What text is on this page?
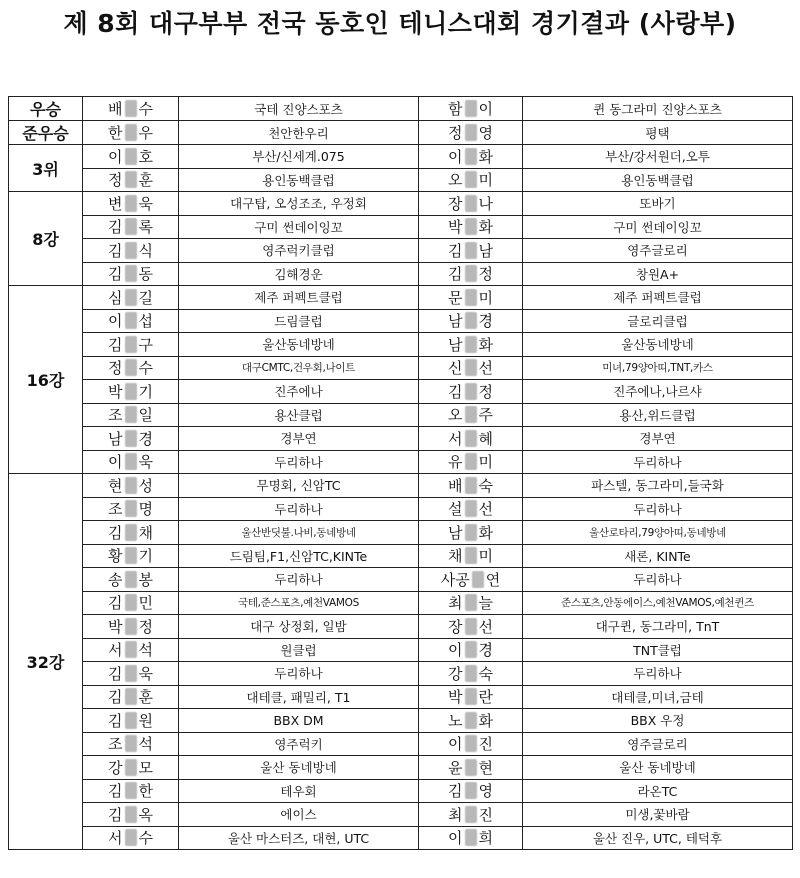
제 8회 대구부부 전국 동호인 테니스대회 경기결과 (사랑부)
우승	배 수	국테 진양스포츠	함 이	퀸 동그라미 진양스포츠
준우승	한 우	천안한우리	정 영	평택
3위	이 호	부산/신세계.075	이 화	부산/강서원더,오투
	정 훈	용인동백클럽	오 미	용인동백클럽
8강	변 욱	대구탑, 오성조조, 우정회	장 나	또바기
	김 록	구미 썬데이잉꼬	박 화	구미 썬데이잉꼬
	김 식	영주럭키클럽	김 남	영주글로리
	김 동	김해경운	김 정	창원A+
16강	심 길	제주 퍼펙트클럽	문 미	제주 퍼펙트클럽
	이 섭	드림클럽	남 경	글로리클럽
	김 구	울산동네방네	남 화	울산동네방네
	정 수	대구CMTC,건우회,나이트	신 선	미녀,79양아띠,TNT,카스
	박 기	진주에나	김 정	진주에나,나르샤
	조 일	용산클럽	오 주	용산,위드클럽
	남 경	경부연	서 혜	경부연
	이 욱	두리하나	유 미	두리하나
32강	현 성	무명회, 신암TC	배 숙	파스텔, 동그라미,들국화
	조 명	두리하나	설 선	두리하나
	김 채	울산반딧불.나비,동네방네	남 화	울산로타리,79양아띠,동네방네
	황 기	드림팀,F1,신암TC,KINTe	채 미	새론, KINTe
	송 봉	두리하나	사공 연	두리하나
	김 민	국테,준스포츠,예천VAMOS	최 늘	준스포츠,안동에이스,예천VAMOS,예천퀸즈
	박 정	대구 상정회, 일밤	장 선	대구퀸, 동그라미, TnT
	서 석	원클럽	이 경	TNT클럽
	김 욱	두리하나	강 숙	두리하나
	김 훈	대테클, 패밀리, T1	박 란	대테클,미녀,금테
	김 원	BBX DM	노 화	BBX 우정
	조 석	영주럭키	이 진	영주글로리
	강 모	울산 동네방네	윤 현	울산 동네방네
	김 한	테우회	김 영	라온TC
	김 옥	에이스	최 진	미생,꽃바람
	서 수	울산 마스터즈, 대현, UTC	이 희	울산 진우, UTC, 테덕후
